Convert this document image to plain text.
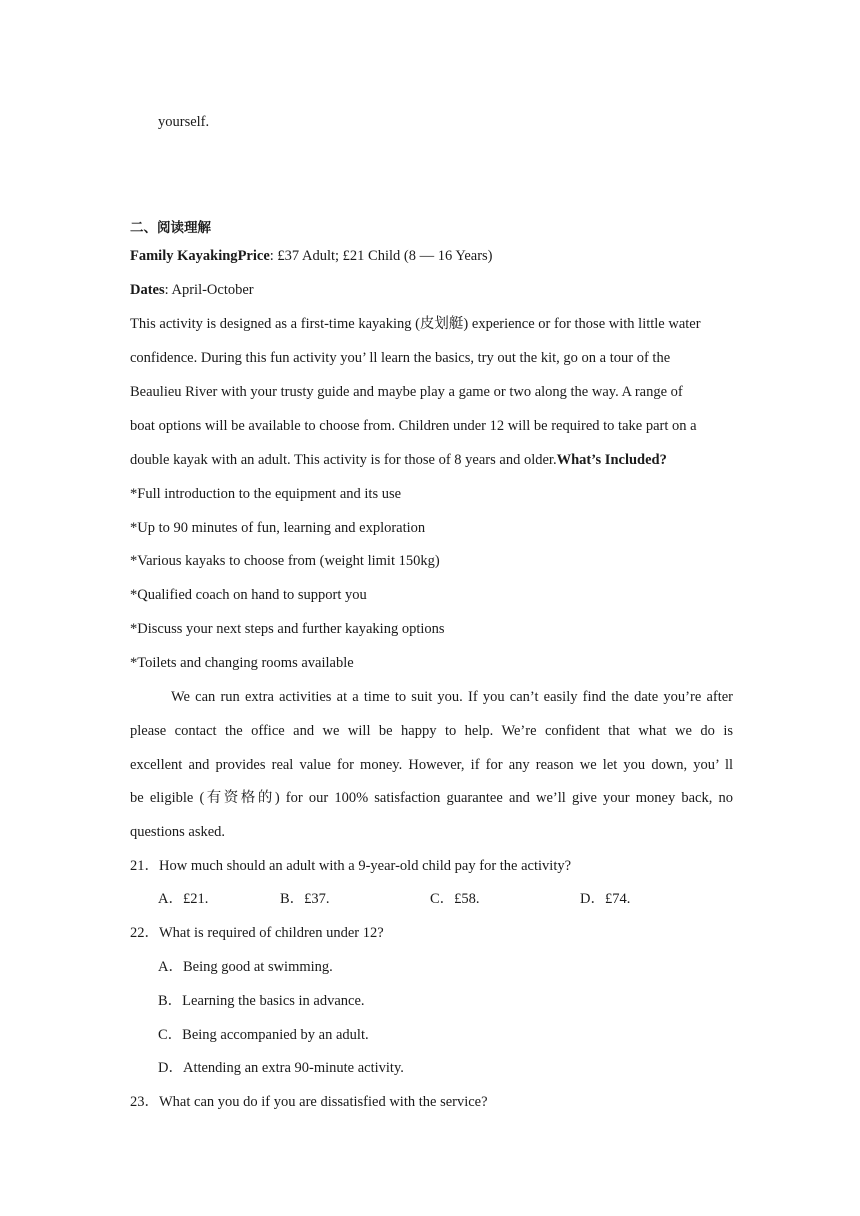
yourself.
二、阅读理解
Family KayakingPrice: £37 Adult; £21 Child (8 — 16 Years)
Dates: April-October
This activity is designed as a first-time kayaking (皮划艇) experience or for those with little water
confidence. During this fun activity you’ ll learn the basics, try out the kit, go on a tour of the
Beaulieu River with your trusty guide and maybe play a game or two along the way. A range of
boat options will be available to choose from. Children under 12 will be required to take part on a
double kayak with an adult. This activity is for those of 8 years and older.What’s Included?
*Full introduction to the equipment and its use
*Up to 90 minutes of fun, learning and exploration
*Various kayaks to choose from (weight limit 150kg)
*Qualified coach on hand to support you
*Discuss your next steps and further kayaking options
*Toilets and changing rooms available
We can run extra activities at a time to suit you. If you can’t easily find the date you’re after
please contact the office and we will be happy to help. We’re confident that what we do is
excellent and provides real value for money. However, if for any reason we let you down, you’ ll
be eligible (有资格的) for our 100% satisfaction guarantee and we’ll give your money back, no
questions asked.
21．How much should an adult with a 9-year-old child pay for the activity?
A．£21.	B．£37.	C．£58.	D．£74.
22．What is required of children under 12?
A．Being good at swimming.
B．Learning the basics in advance.
C．Being accompanied by an adult.
D．Attending an extra 90-minute activity.
23．What can you do if you are dissatisfied with the service?
